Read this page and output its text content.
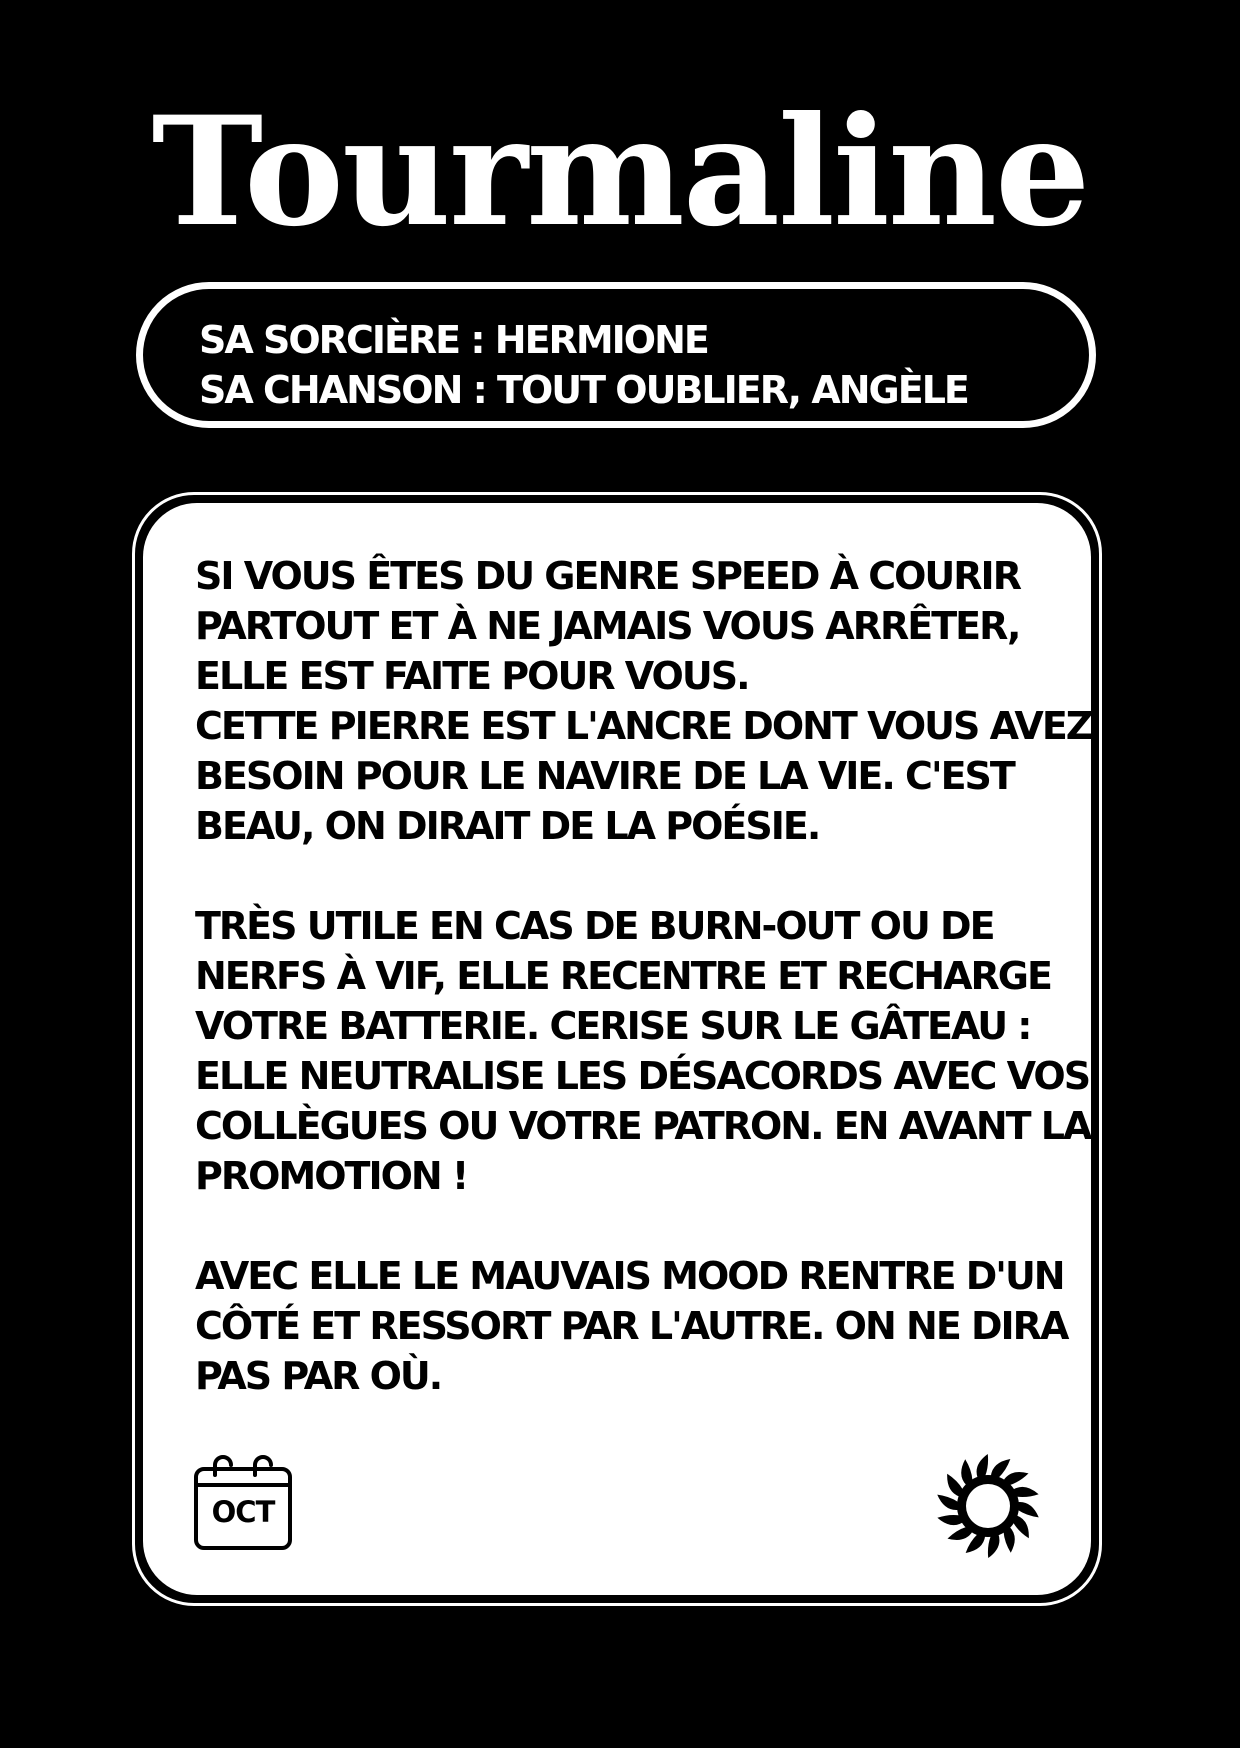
Tourmaline
SA SORCIÈRE : HERMIONE
SA CHANSON : TOUT OUBLIER, ANGÈLE
SI VOUS ÊTES DU GENRE SPEED À COURIR
PARTOUT ET À NE JAMAIS VOUS ARRÊTER,
ELLE EST FAITE POUR VOUS.
CETTE PIERRE EST L'ANCRE DONT VOUS AVEZ
BESOIN POUR LE NAVIRE DE LA VIE. C'EST
BEAU, ON DIRAIT DE LA POÉSIE.
TRÈS UTILE EN CAS DE BURN-OUT OU DE
NERFS À VIF, ELLE RECENTRE ET RECHARGE
VOTRE BATTERIE. CERISE SUR LE GÂTEAU :
ELLE NEUTRALISE LES DÉSACORDS AVEC VOS
COLLÈGUES OU VOTRE PATRON. EN AVANT LA
PROMOTION !
AVEC ELLE LE MAUVAIS MOOD RENTRE D'UN
CÔTÉ ET RESSORT PAR L'AUTRE. ON NE DIRA
PAS PAR OÙ.
OCT
